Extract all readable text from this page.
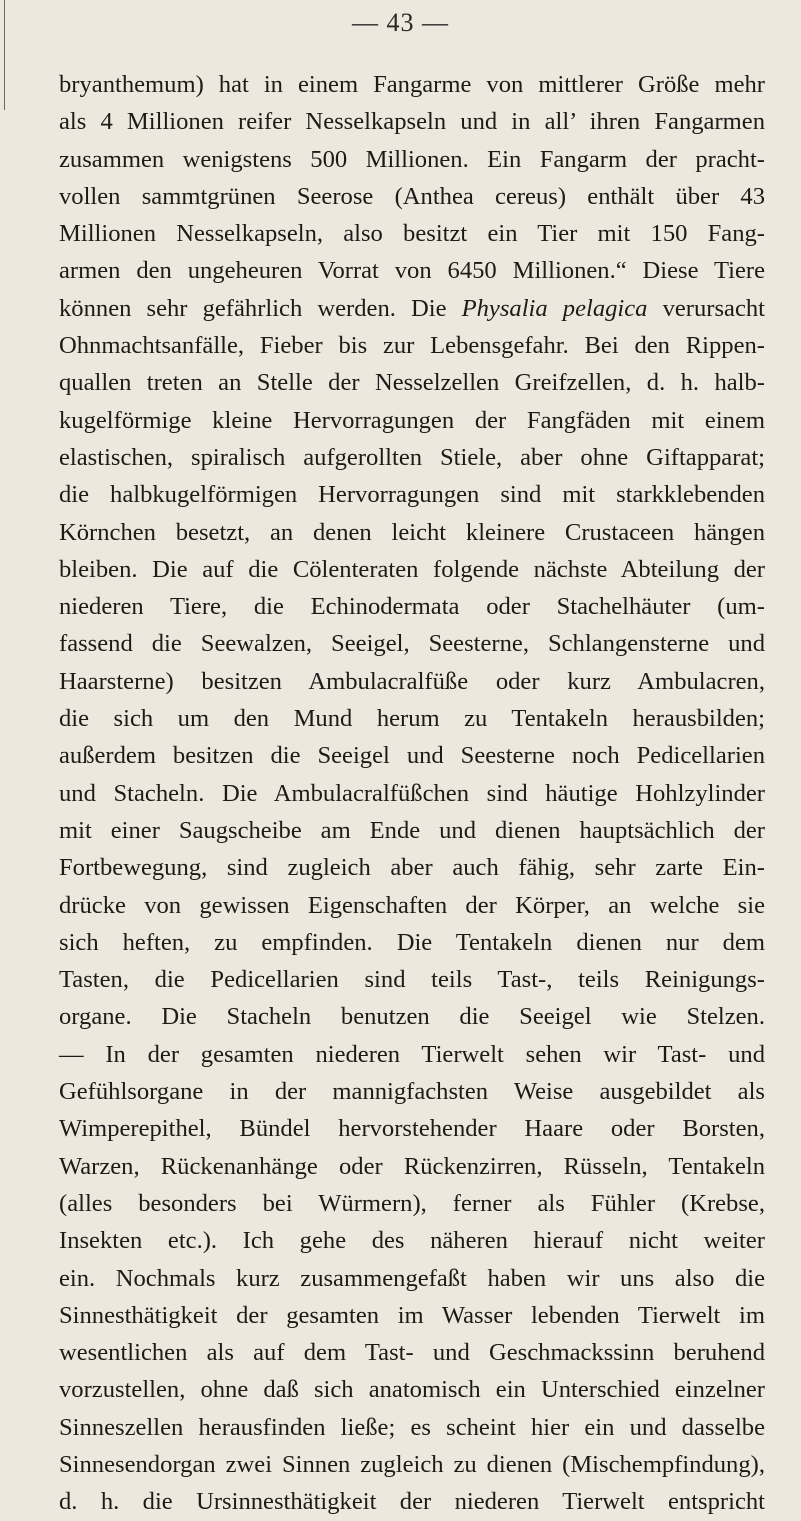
— 43 —
bryanthemum) hat in einem Fangarme von mittlerer Größe mehr
als 4 Millionen reifer Nesselkapseln und in all’ ihren Fangarmen
zusammen wenigstens 500 Millionen. Ein Fangarm der pracht-
vollen sammtgrünen Seerose (Anthea cereus) enthält über 43
Millionen Nesselkapseln, also besitzt ein Tier mit 150 Fang-
armen den ungeheuren Vorrat von 6450 Millionen.“ Diese Tiere
können sehr gefährlich werden. Die Physalia pelagica verursacht
Ohnmachtsanfälle, Fieber bis zur Lebensgefahr. Bei den Rippen-
quallen treten an Stelle der Nesselzellen Greifzellen, d. h. halb-
kugelförmige kleine Hervorragungen der Fangfäden mit einem
elastischen, spiralisch aufgerollten Stiele, aber ohne Giftapparat;
die halbkugelförmigen Hervorragungen sind mit starkklebenden
Körnchen besetzt, an denen leicht kleinere Crustaceen hängen
bleiben. Die auf die Cölenteraten folgende nächste Abteilung der
niederen Tiere, die Echinodermata oder Stachelhäuter (um-
fassend die Seewalzen, Seeigel, Seesterne, Schlangensterne und
Haarsterne) besitzen Ambulacralfüße oder kurz Ambulacren,
die sich um den Mund herum zu Tentakeln herausbilden;
außerdem besitzen die Seeigel und Seesterne noch Pedicellarien
und Stacheln. Die Ambulacralfüßchen sind häutige Hohlzylinder
mit einer Saugscheibe am Ende und dienen hauptsächlich der
Fortbewegung, sind zugleich aber auch fähig, sehr zarte Ein-
drücke von gewissen Eigenschaften der Körper, an welche sie
sich heften, zu empfinden. Die Tentakeln dienen nur dem
Tasten, die Pedicellarien sind teils Tast-, teils Reinigungs-
organe. Die Stacheln benutzen die Seeigel wie Stelzen.
— In der gesamten niederen Tierwelt sehen wir Tast- und
Gefühlsorgane in der mannigfachsten Weise ausgebildet als
Wimperepithel, Bündel hervorstehender Haare oder Borsten,
Warzen, Rückenanhänge oder Rückenzirren, Rüsseln, Tentakeln
(alles besonders bei Würmern), ferner als Fühler (Krebse,
Insekten etc.). Ich gehe des näheren hierauf nicht weiter
ein. Nochmals kurz zusammengefaßt haben wir uns also die
Sinnesthätigkeit der gesamten im Wasser lebenden Tierwelt im
wesentlichen als auf dem Tast- und Geschmackssinn beruhend
vorzustellen, ohne daß sich anatomisch ein Unterschied einzelner
Sinneszellen herausfinden ließe; es scheint hier ein und dasselbe
Sinnesendorgan zwei Sinnen zugleich zu dienen (Mischempfindung),
d. h. die Ursinnesthätigkeit der niederen Tierwelt entspricht
